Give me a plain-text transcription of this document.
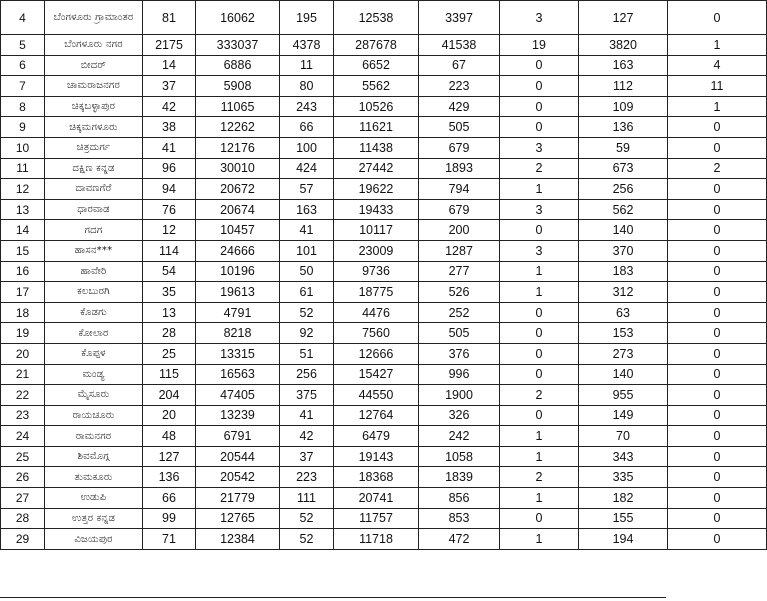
4	ಬೆಂಗಳೂರು ಗ್ರಾಮಾಂತರ	81	16062	195	12538	3397	3	127	0
5	ಬೆಂಗಳೂರು ನಗರ	2175	333037	4378	287678	41538	19	3820	1
6	ಬೀದರ್	14	6886	11	6652	67	0	163	4
7	ಚಾಮರಾಜನಗರ	37	5908	80	5562	223	0	112	11
8	ಚಿಕ್ಕಬಳ್ಳಾಪುರ	42	11065	243	10526	429	0	109	1
9	ಚಿಕ್ಕಮಗಳೂರು	38	12262	66	11621	505	0	136	0
10	ಚಿತ್ರದುರ್ಗ	41	12176	100	11438	679	3	59	0
11	ದಕ್ಷಿಣ ಕನ್ನಡ	96	30010	424	27442	1893	2	673	2
12	ದಾವಣಗೆರೆ	94	20672	57	19622	794	1	256	0
13	ಧಾರವಾಡ	76	20674	163	19433	679	3	562	0
14	ಗದಗ	12	10457	41	10117	200	0	140	0
15	ಹಾಸನ***	114	24666	101	23009	1287	3	370	0
16	ಹಾವೇರಿ	54	10196	50	9736	277	1	183	0
17	ಕಲಬುರಗಿ	35	19613	61	18775	526	1	312	0
18	ಕೊಡಗು	13	4791	52	4476	252	0	63	0
19	ಕೋಲಾರ	28	8218	92	7560	505	0	153	0
20	ಕೊಪ್ಪಳ	25	13315	51	12666	376	0	273	0
21	ಮಂಡ್ಯ	115	16563	256	15427	996	0	140	0
22	ಮೈಸೂರು	204	47405	375	44550	1900	2	955	0
23	ರಾಯಚೂರು	20	13239	41	12764	326	0	149	0
24	ರಾಮನಗರ	48	6791	42	6479	242	1	70	0
25	ಶಿವಮೊಗ್ಗ	127	20544	37	19143	1058	1	343	0
26	ತುಮಕೂರು	136	20542	223	18368	1839	2	335	0
27	ಉಡುಪಿ	66	21779	111	20741	856	1	182	0
28	ಉತ್ತರ ಕನ್ನಡ	99	12765	52	11757	853	0	155	0
29	ವಿಜಯಪುರ	71	12384	52	11718	472	1	194	0
